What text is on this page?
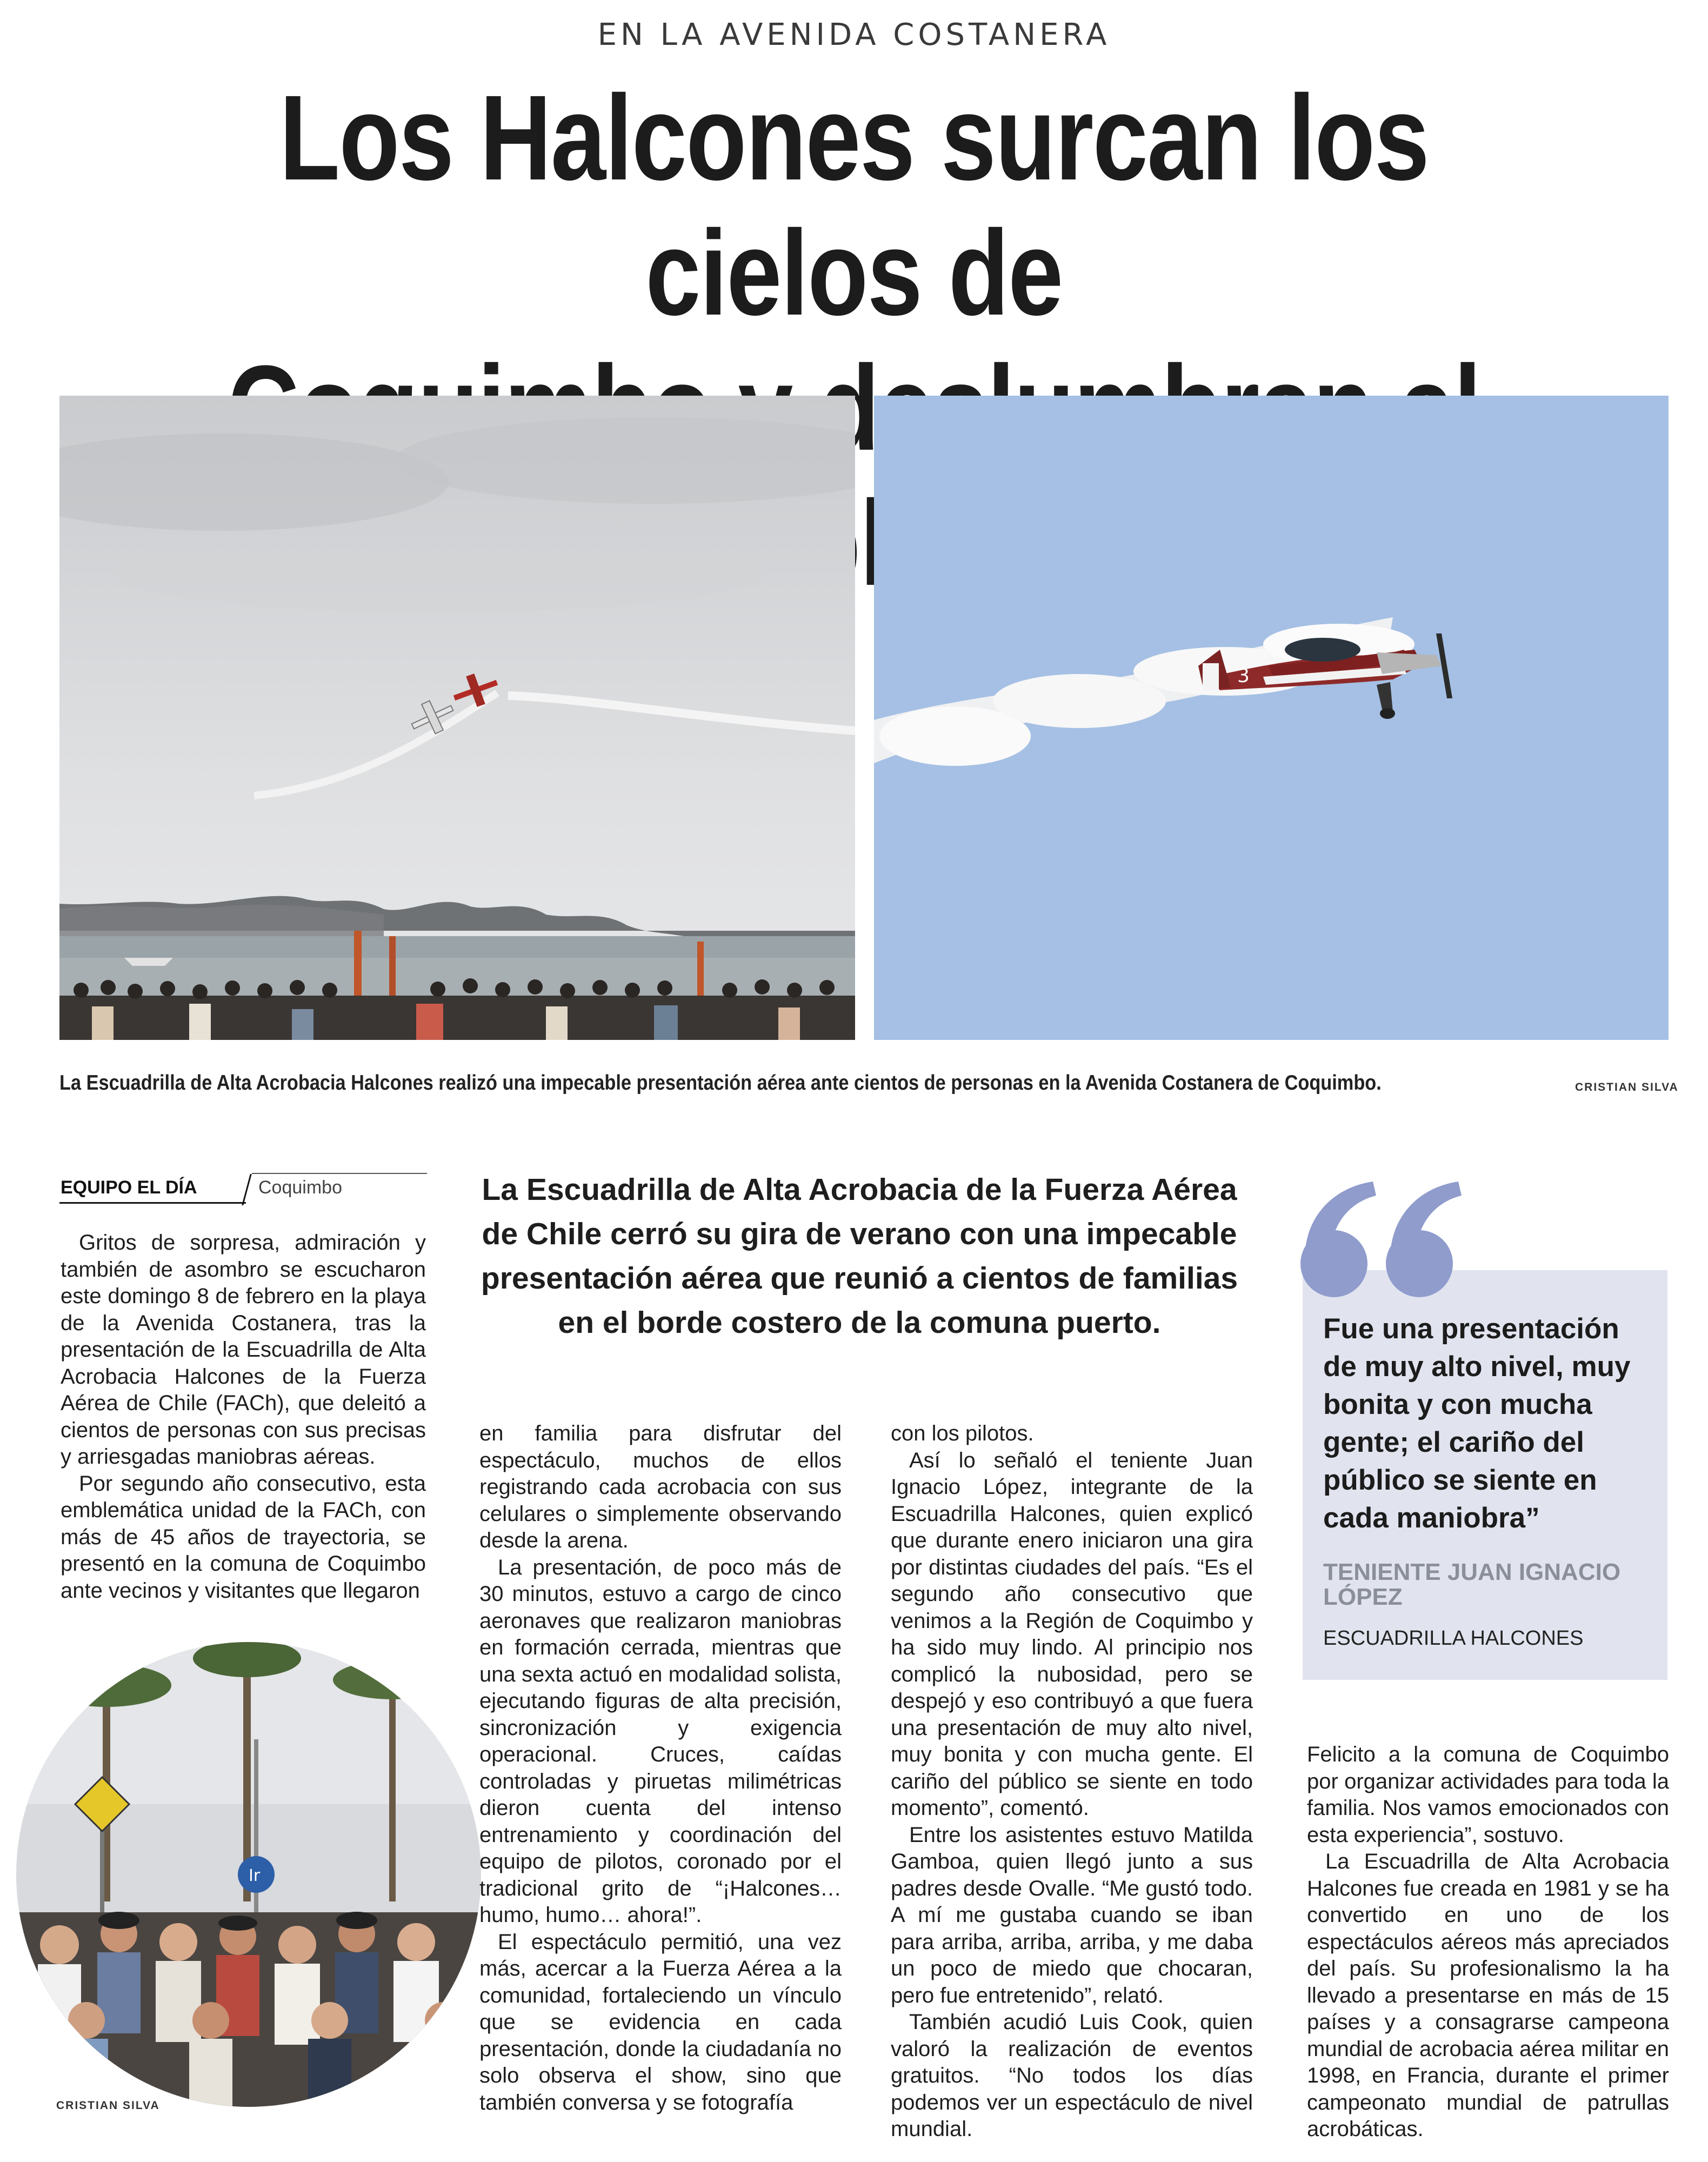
EN LA AVENIDA COSTANERA
Los Halcones surcan los cielos de
3
La Escuadrilla de Alta Acrobacia Halcones realizó una impecable presentación aérea ante cientos de personas en la Avenida Costanera de Coquimbo.	CRISTIAN SILVA
EQUIPO EL DÍA	Coquimbo	La Escuadrilla de Alta Acrobacia de la Fuerza Aérea de Chile cerró su gira de verano con una impecable presentación aérea que reunió a cientos de familias en el borde costero de la comuna puerto.

Gritos de sorpresa, admiración y también de asombro se escucharon este domingo 8 de febrero en la playa de la Avenida Costanera, tras la presentación de la Escuadrilla de Alta Acrobacia Halcones de la Fuerza Aérea de Chile (FACh), que deleitó a cientos de personas con sus precisas y arriesgadas maniobras aéreas.

Por segundo año consecutivo, esta emblemática unidad de la FACh, con más de 45 años de trayectoria, se presentó en la comuna de Coquimbo ante vecinos y visitantes que llegaron

Ir
CRISTIAN SILVA

en familia para disfrutar del espectáculo, muchos de ellos registrando cada acrobacia con sus celulares o simplemente observando desde la arena.

La presentación, de poco más de 30 minutos, estuvo a cargo de cinco aeronaves que realizaron maniobras en formación cerrada, mientras que una sexta actuó en modalidad solista, ejecutando figuras de alta precisión, sincronización y exigencia operacional. Cruces, caídas controladas y piruetas milimétricas dieron cuenta del intenso entrenamiento y coordinación del equipo de pilotos, coronado por el tradicional grito de “¡Halcones… humo, humo… ahora!”.

El espectáculo permitió, una vez más, acercar a la Fuerza Aérea a la comunidad, fortaleciendo un vínculo que se evidencia en cada presentación, donde la ciudadanía no solo observa el show, sino que también conversa y se fotografía

con los pilotos.

Así lo señaló el teniente Juan Ignacio López, integrante de la Escuadrilla Halcones, quien explicó que durante enero iniciaron una gira por distintas ciudades del país. “Es el segundo año consecutivo que venimos a la Región de Coquimbo y ha sido muy lindo. Al principio nos complicó la nubosidad, pero se despejó y eso contribuyó a que fuera una presentación de muy alto nivel, muy bonita y con mucha gente. El cariño del público se siente en todo momento”, comentó.

Entre los asistentes estuvo Matilda Gamboa, quien llegó junto a sus padres desde Ovalle. “Me gustó todo. A mí me gustaba cuando se iban para arriba, arriba, arriba, y me daba un poco de miedo que chocaran, pero fue entretenido”, relató.

También acudió Luis Cook, quien valoró la realización de eventos gratuitos. “No todos los días podemos ver un espectáculo de nivel mundial.

Fue una presentación de muy alto nivel, muy bonita y con mucha gente; el cariño del público se siente en cada maniobra”
TENIENTE JUAN IGNACIO LÓPEZ
ESCUADRILLA HALCONES

Felicito a la comuna de Coquimbo por organizar actividades para toda la familia. Nos vamos emocionados con esta experiencia”, sostuvo.

La Escuadrilla de Alta Acrobacia Halcones fue creada en 1981 y se ha convertido en uno de los espectáculos aéreos más apreciados del país. Su profesionalismo la ha llevado a presentarse en más de 15 países y a consagrarse campeona mundial de acrobacia aérea militar en 1998, en Francia, durante el primer campeonato mundial de patrullas acrobáticas.
